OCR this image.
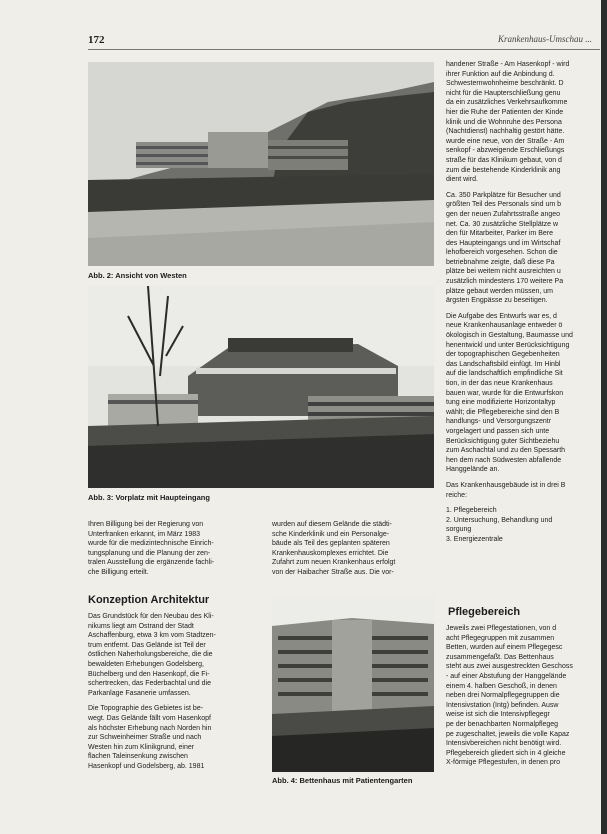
172	Krankenhaus-Umschau ...
Abb. 2: Ansicht von Westen
Abb. 3: Vorplatz mit Haupteingang

Ihren Billigung bei der Regierung von
Unterfranken erkannt, im März 1983
wurde für die medizintechnische Einrich-
tungsplanung und die Planung der zen-
tralen Ausstellung die ergänzende fachli-
che Billigung erteilt.

wurden auf diesem Gelände die städti-
sche Kinderklinik und ein Personalge-
bäude als Teil des geplanten späteren
Krankenhauskomplexes errichtet. Die
Zufahrt zum neuen Krankenhaus erfolgt
von der Haibacher Straße aus. Die vor-

Konzeption Architektur

Das Grundstück für den Neubau des Kli-
nikums liegt am Ostrand der Stadt
Aschaffenburg, etwa 3 km vom Stadtzen-
trum entfernt. Das Gelände ist Teil der
östlichen Naherholungsbereiche, die die
bewaldeten Erhebungen Godelsberg,
Büchelberg und den Hasenkopf, die Fi-
schertrecken, das Federbachtal und die
Parkanlage Fasanerie umfassen.

Die Topographie des Gebietes ist be-
wegt. Das Gelände fällt vom Hasenkopf
als höchster Erhebung nach Norden hin
zur Schweinheimer Straße und nach
Westen hin zum Klinikgrund, einer
flachen Taleinsenkung zwischen
Hasenkopf und Godelsberg, ab. 1981

Abb. 4: Bettenhaus mit Patientengarten

handener Straße - Am Hasenkopf - wird
ihrer Funktion auf die Anbindung d.
Schwesternwohnheime beschränkt. D
nicht für die Haupterschließung genu
da ein zusätzliches Verkehrsaufkomme
hier die Ruhe der Patienten der Kinde
klinik und die Wohnruhe des Persona
(Nachtdienst) nachhaltig gestört hätte.
wurde eine neue, von der Straße - Am
senkopf - abzweigende Erschließungs
straße für das Klinikum gebaut, von d
zum die bestehende Kinderklinik ang
dient wird.

Ca. 350 Parkplätze für Besucher und
größten Teil des Personals sind um b
gen der neuen Zufahrtsstraße angeo
net. Ca. 30 zusätzliche Stellplätze w
den für Mitarbeiter, Parker im Bere
des Haupteingangs und im Wirtschaf
lehofbereich vorgesehen. Schon die
betriebnahme zeigte, daß diese Pa
plätze bei weitem nicht ausreichten u
zusätzlich mindestens 170 weitere Pa
plätze gebaut werden müssen, um
ärgsten Engpässe zu beseitigen.

Die Aufgabe des Entwurfs war es, d
neue Krankenhausanlage entweder ö
ökologisch in Gestaltung, Baumasse und
henentwickl und unter Berücksichtigung
der topographischen Gegebenheiten
das Landschaftsbild einfügt. Im Hinbl
auf die landschaftlich empfindliche Sit
tion, in der das neue Krankenhaus
bauen war, wurde für die Entwurfskon
tung eine modifizierte Horizontaltyp
wählt; die Pflegebereiche sind den B
handlungs- und Versorgungszentr
vorgelagert und passen sich unte
Berücksichtigung guter Sichtbeziehu
zum Aschachtal und zu den Spessarth
hen dem nach Südwesten abfallende
Hanggelände an.

Das Krankenhausgebäude ist in drei B
reiche:

1. Pflegebereich
2. Untersuchung, Behandlung und
sorgung
3. Energiezentrale
Pflegebereich

Jeweils zwei Pflegestationen, von d
acht Pflegegruppen mit zusammen
Betten, wurden auf einem Pflegegesc
zusammengefaßt. Das Bettenhaus
steht aus zwei ausgestreckten Geschoss
- auf einer Abstufung der Hanggelände
einem 4. halben Geschoß, in denen
neben drei Normalpflegegruppen die
Intensivstation (Intg) befinden. Ausw
weise ist sich die Intensivpflegegr
pe der benachbarten Normalpflegeg
pe zugeschaltet, jeweils die volle Kapaz
Intensivbereichen nicht benötigt wird.
Pflegebereich gliedert sich in 4 gleiche
X-förmige Pflegestufen, in denen pro
